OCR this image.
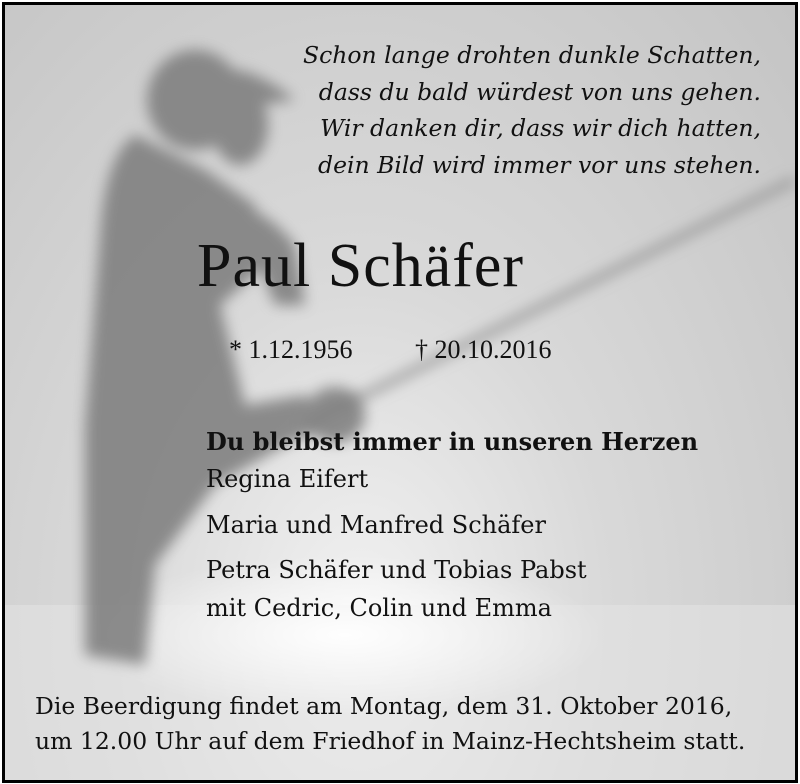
Schon lange drohten dunkle Schatten,
dass du bald würdest von uns gehen.
Wir danken dir, dass wir dich hatten,
dein Bild wird immer vor uns stehen.
Paul Schäfer
* 1.12.1956 † 20.10.2016
Du bleibst immer in unseren Herzen
Regina Eifert
Maria und Manfred Schäfer
Petra Schäfer und Tobias Pabst
mit Cedric, Colin und Emma
Die Beerdigung findet am Montag, dem 31. Oktober 2016,
um 12.00 Uhr auf dem Friedhof in Mainz-Hechtsheim statt.
